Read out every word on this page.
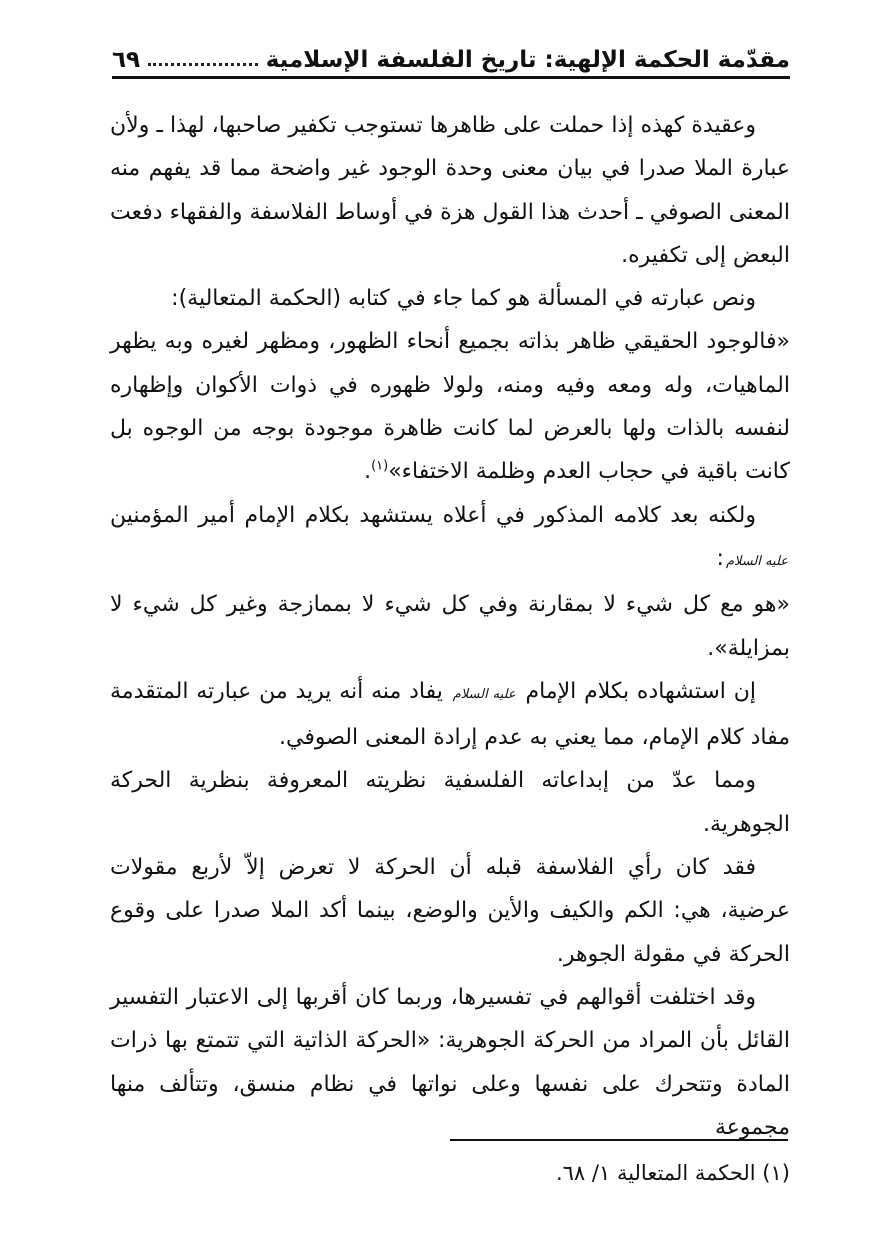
مقدّمة الحكمة الإلهية: تاريخ الفلسفة الإسلامية
٦٩

وعقيدة كهذه إذا حملت على ظاهرها تستوجب تكفير صاحبها، لهذا ـ ولأن عبارة الملا صدرا في بيان معنى وحدة الوجود غير واضحة مما قد يفهم منه المعنى الصوفي ـ أحدث هذا القول هزة في أوساط الفلاسفة والفقهاء دفعت البعض إلى تكفيره.

ونص عبارته في المسألة هو كما جاء في كتابه (الحكمة المتعالية):

«فالوجود الحقيقي ظاهر بذاته بجميع أنحاء الظهور، ومظهر لغيره وبه يظهر الماهيات، وله ومعه وفيه ومنه، ولولا ظهوره في ذوات الأكوان وإظهاره لنفسه بالذات ولها بالعرض لما كانت ظاهرة موجودة بوجه من الوجوه بل كانت باقية في حجاب العدم وظلمة الاختفاء»$^{(١)}$.

ولكنه بعد كلامه المذكور في أعلاه يستشهد بكلام الإمام أمير المؤمنين عليه السلام:

«هو مع كل شيء لا بمقارنة وفي كل شيء لا بممازجة وغير كل شيء لا بمزايلة».

إن استشهاده بكلام الإمام عليه السلام يفاد منه أنه يريد من عبارته المتقدمة مفاد كلام الإمام، مما يعني به عدم إرادة المعنى الصوفي.

ومما عدّ من إبداعاته الفلسفية نظريته المعروفة بنظرية الحركة الجوهرية.

فقد كان رأي الفلاسفة قبله أن الحركة لا تعرض إلاّ لأربع مقولات عرضية، هي: الكم والكيف والأين والوضع، بينما أكد الملا صدرا على وقوع الحركة في مقولة الجوهر.

وقد اختلفت أقوالهم في تفسيرها، وربما كان أقربها إلى الاعتبار التفسير القائل بأن المراد من الحركة الجوهرية: «الحركة الذاتية التي تتمتع بها ذرات المادة وتتحرك على نفسها وعلى نواتها في نظام منسق، وتتألف منها مجموعة

(١) الحكمة المتعالية ١/ ٦٨.
